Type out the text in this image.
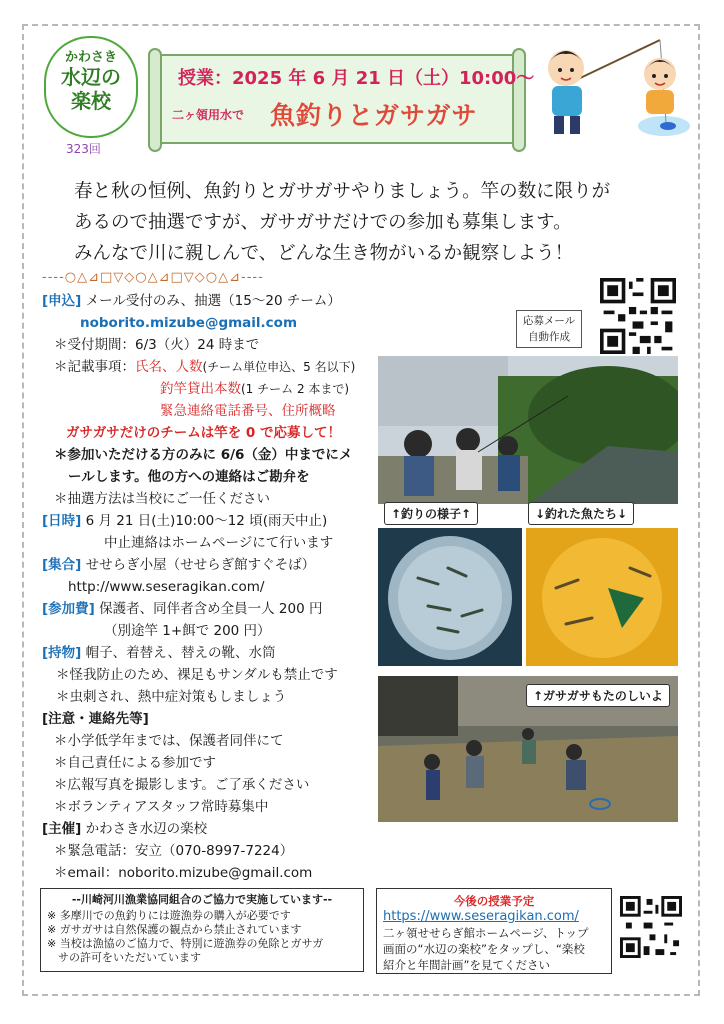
かわさき
水辺の
楽校
323回
授業：2025 年 6 月 21 日（土）10:00～
二ヶ領用水で 魚釣りとガサガサ
春と秋の恒例、魚釣りとガサガサやりましょう。竿の数に限りが
あるので抽選ですが、ガサガサだけでの参加も募集します。
みんなで川に親しんで、どんな生き物がいるか観察しよう！
----○△⊿□▽◇○△⊿□▽◇○△⊿----
[申込] メール受付のみ、抽選（15～20 チーム）
noborito.mizube@gmail.com
＊受付期間：6/3（火）24 時まで
＊記載事項：氏名、人数(チーム単位申込、5 名以下)
釣竿貸出本数(1 チーム 2 本まで)
緊急連絡電話番号、住所概略
ガサガサだけのチームは竿を 0 で応募して！
＊参加いただける方のみに 6/6（金）中までにメ
ールします。他の方への連絡はご勘弁を
＊抽選方法は当校にご一任ください
[日時] 6 月 21 日(土)10:00～12 頃(雨天中止)
中止連絡はホームページにて行います
[集合] せせらぎ小屋（せせらぎ館すぐそば）
http://www.seseragikan.com/
[参加費] 保護者、同伴者含め全員一人 200 円
（別途竿 1+餌で 200 円）
[持物] 帽子、着替え、替えの靴、水筒
＊怪我防止のため、裸足もサンダルも禁止です
＊虫刺され、熱中症対策もしましょう
[注意・連絡先等]
＊小学低学年までは、保護者同伴にて
＊自己責任による参加です
＊広報写真を撮影します。ご了承ください
＊ボランティアスタッフ常時募集中
[主催] かわさき水辺の楽校
＊緊急電話：安立（070-8997-7224）
＊email：noborito.mizube@gmail.com
応募メール
自動作成
↑釣りの様子↑	↓釣れた魚たち↓
↑ガサガサもたのしいよ
--川崎河川漁業協同組合のご協力で実施しています--
※ 多摩川での魚釣りには遊漁券の購入が必要です
※ ガサガサは自然保護の観点から禁止されています
※ 当校は漁協のご協力で、特別に遊漁券の免除とガサガ
　サの許可をいただいています
今後の授業予定
https://www.seseragikan.com/
二ヶ領せせらぎ館ホームページ、トップ
画面の“水辺の楽校”をタップし、“楽校
紹介と年間計画”を見てください
